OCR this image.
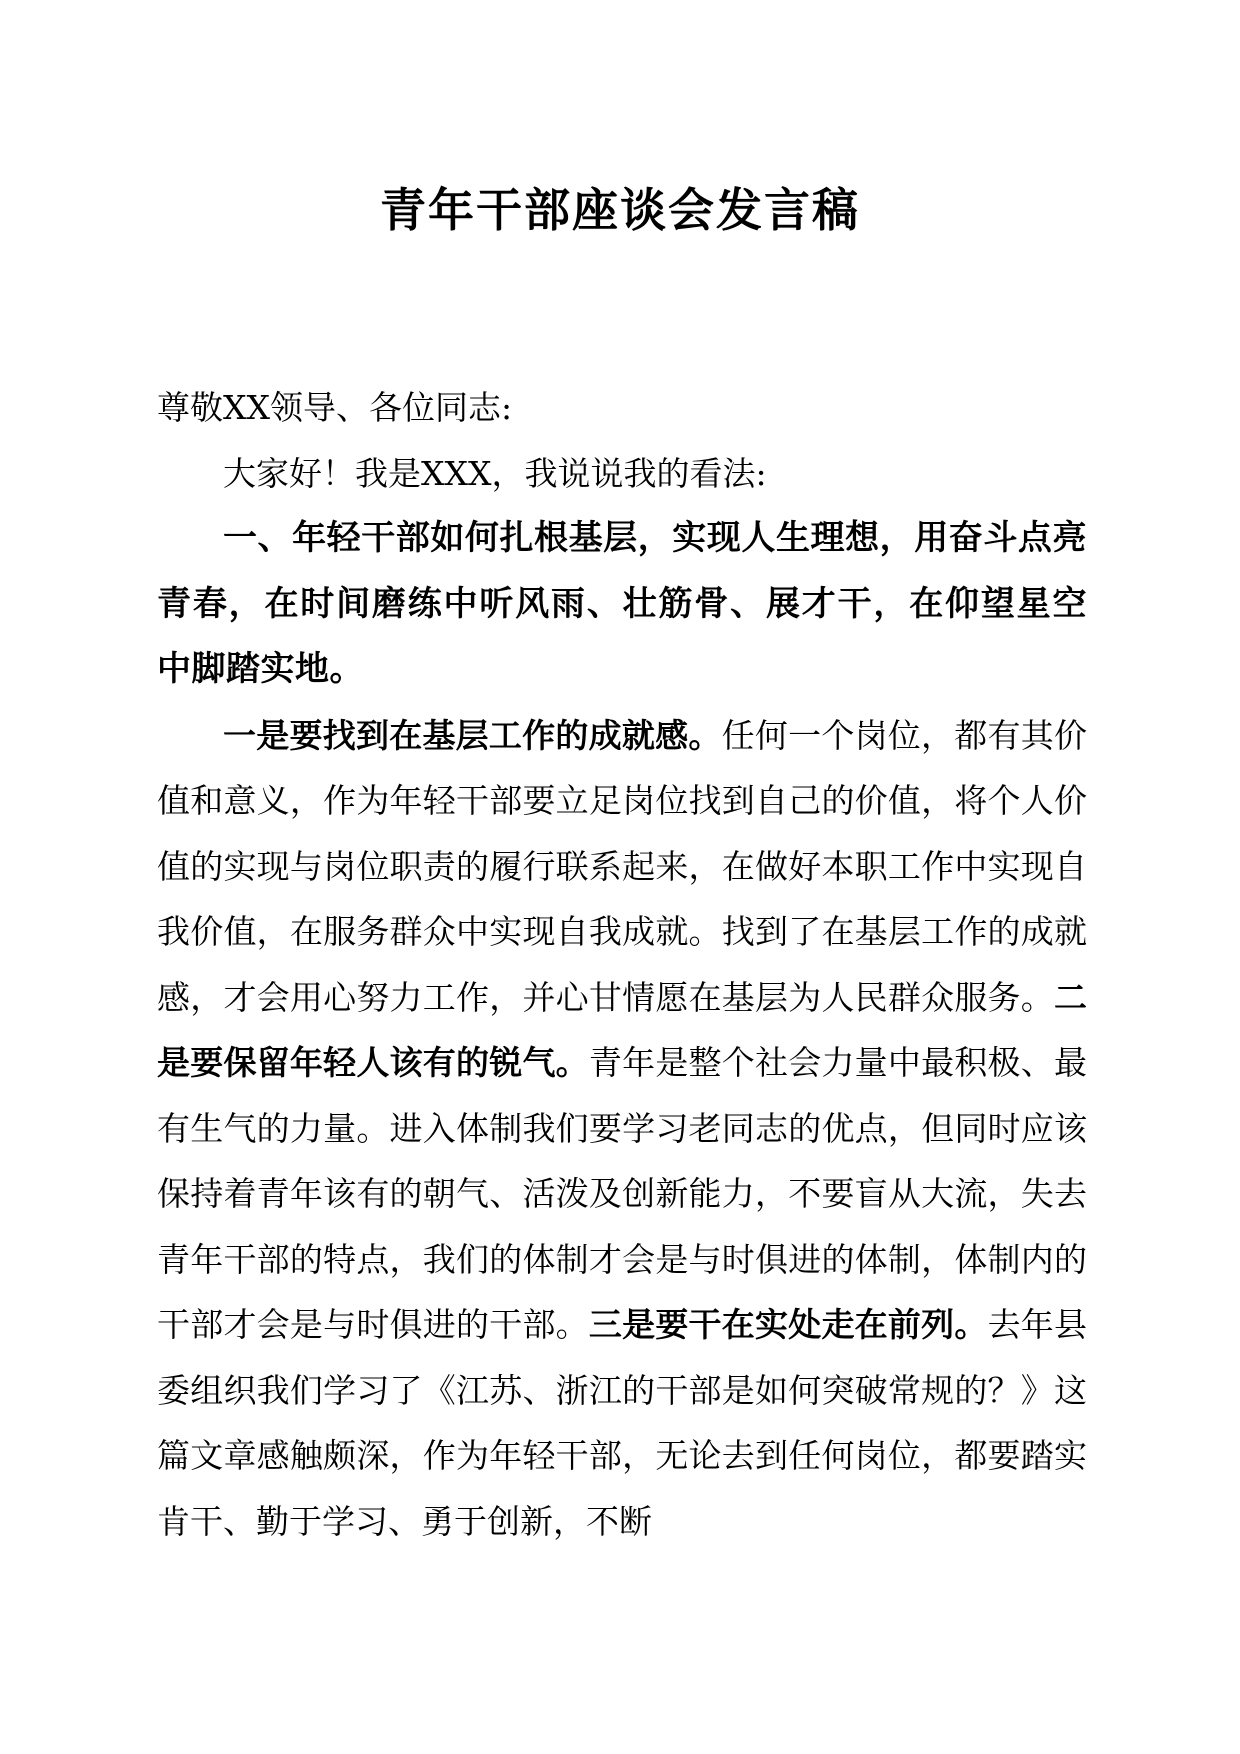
青年干部座谈会发言稿

尊敬XX领导、各位同志:

大家好！我是XXX，我说说我的看法:

一、年轻干部如何扎根基层，实现人生理想，用奋斗点亮青春，在时间磨练中听风雨、壮筋骨、展才干，在仰望星空中脚踏实地。

一是要找到在基层工作的成就感。任何一个岗位，都有其价值和意义，作为年轻干部要立足岗位找到自己的价值，将个人价值的实现与岗位职责的履行联系起来，在做好本职工作中实现自我价值，在服务群众中实现自我成就。找到了在基层工作的成就感，才会用心努力工作，并心甘情愿在基层为人民群众服务。二是要保留年轻人该有的锐气。青年是整个社会力量中最积极、最有生气的力量。进入体制我们要学习老同志的优点，但同时应该保持着青年该有的朝气、活泼及创新能力，不要盲从大流，失去青年干部的特点，我们的体制才会是与时俱进的体制，体制内的干部才会是与时俱进的干部。三是要干在实处走在前列。去年县委组织我们学习了《江苏、浙江的干部是如何突破常规的？》这篇文章感触颇深，作为年轻干部，无论去到任何岗位，都要踏实肯干、勤于学习、勇于创新，不断
